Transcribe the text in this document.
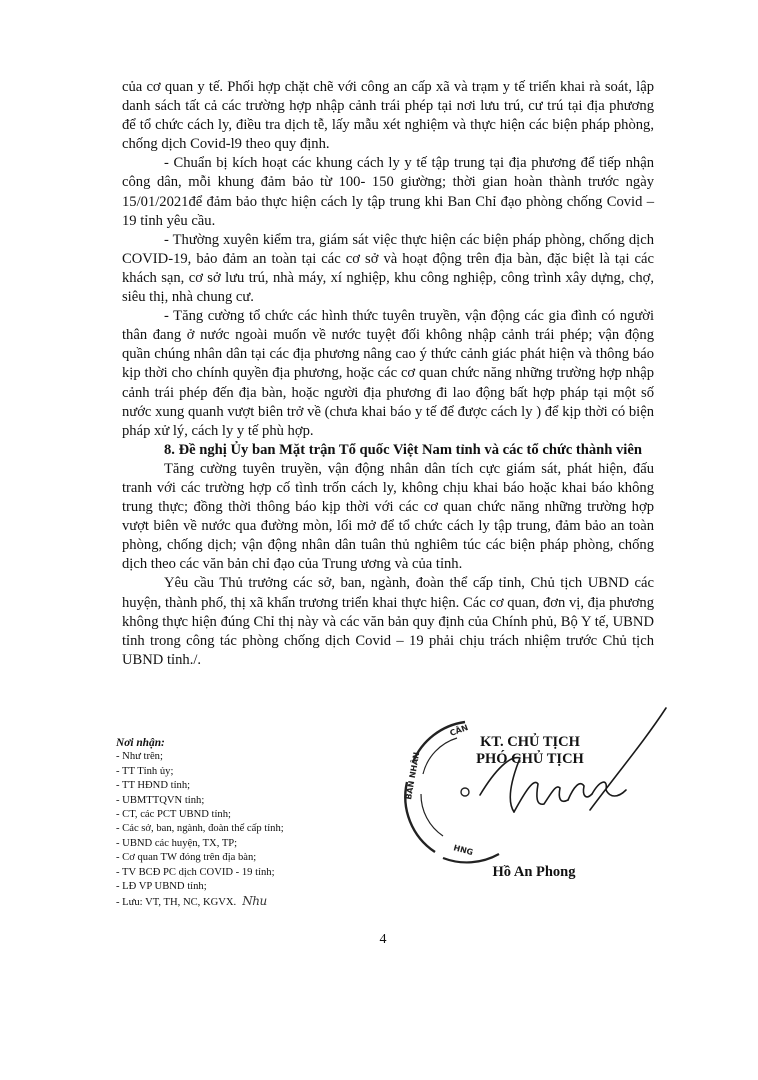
của cơ quan y tế. Phối hợp chặt chẽ với công an cấp xã và trạm y tế triển khai rà soát, lập danh sách tất cả các trường hợp nhập cảnh trái phép tại nơi lưu trú, cư trú tại địa phương để tổ chức cách ly, điều tra dịch tễ, lấy mẫu xét nghiệm và thực hiện các biện pháp phòng, chống dịch Covid-l9 theo quy định.

- Chuẩn bị kích hoạt các khung cách ly y tế tập trung tại địa phương để tiếp nhận công dân, mỗi khung đảm bảo từ 100- 150 giường; thời gian hoàn thành trước ngày 15/01/2021để đảm bảo thực hiện cách ly tập trung khi Ban Chỉ đạo phòng chống Covid – 19 tỉnh yêu cầu.

- Thường xuyên kiểm tra, giám sát việc thực hiện các biện pháp phòng, chống dịch COVID-19, bảo đảm an toàn tại các cơ sở và hoạt động trên địa bàn, đặc biệt là tại các khách sạn, cơ sở lưu trú, nhà máy, xí nghiệp, khu công nghiệp, công trình xây dựng, chợ, siêu thị, nhà chung cư.

- Tăng cường tổ chức các hình thức tuyên truyền, vận động các gia đình có người thân đang ở nước ngoài muốn về nước tuyệt đối không nhập cảnh trái phép; vận động quần chúng nhân dân tại các địa phương nâng cao ý thức cảnh giác phát hiện và thông báo kịp thời cho chính quyền địa phương, hoặc các cơ quan chức năng những trường hợp nhập cảnh trái phép đến địa bàn, hoặc người địa phương đi lao động bất hợp pháp tại một số nước xung quanh vượt biên trở về (chưa khai báo y tế để được cách ly ) để kịp thời có biện pháp xử lý, cách ly y tế phù hợp.

8. Đề nghị Ủy ban Mặt trận Tổ quốc Việt Nam tỉnh và các tổ chức thành viên

Tăng cường tuyên truyền, vận động nhân dân tích cực giám sát, phát hiện, đấu tranh với các trường hợp cố tình trốn cách ly, không chịu khai báo hoặc khai báo không trung thực; đồng thời thông báo kịp thời với các cơ quan chức năng những trường hợp vượt biên về nước qua đường mòn, lối mở để tổ chức cách ly tập trung, đảm bảo an toàn phòng, chống dịch; vận động nhân dân tuân thủ nghiêm túc các biện pháp phòng, chống dịch theo các văn bản chỉ đạo của Trung ương và của tỉnh.

Yêu cầu Thủ trưởng các sở, ban, ngành, đoàn thể cấp tỉnh, Chủ tịch UBND các huyện, thành phố, thị xã khẩn trương triển khai thực hiện. Các cơ quan, đơn vị, địa phương không thực hiện đúng Chỉ thị này và các văn bản quy định của Chính phủ, Bộ Y tế, UBND tỉnh trong công tác phòng chống dịch Covid – 19 phải chịu trách nhiệm trước Chủ tịch UBND tỉnh./.

Nơi nhận:
- Như trên;
- TT Tỉnh ủy;
- TT HĐND tỉnh;
- UBMTTQVN tỉnh;
- CT, các PCT UBND tỉnh;
- Các sở, ban, ngành, đoàn thể cấp tỉnh;
- UBND các huyện, TX, TP;
- Cơ quan TW đóng trên địa bàn;
- TV BCĐ PC dịch COVID - 19 tỉnh;
- LĐ VP UBND tỉnh;
- Lưu: VT, TH, NC, KGVX. Nhu
BAN NHÂN
CÂN
HNG
KT. CHỦ TỊCH
PHÓ CHỦ TỊCH
Hồ An Phong
4
